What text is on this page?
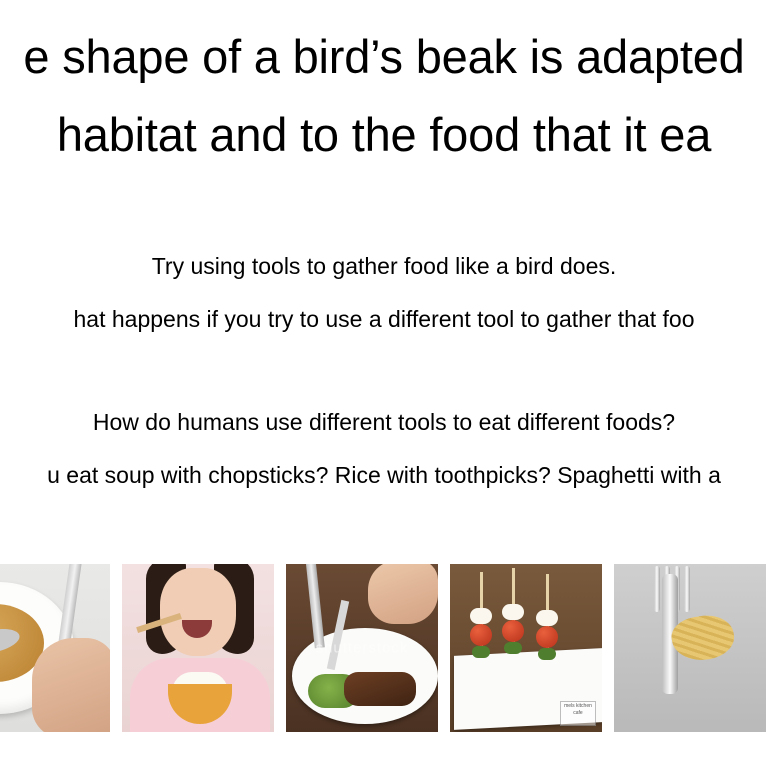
e shape of a bird’s beak is adapted
habitat and to the food that it ea
Try using tools to gather food like a bird does.
hat happens if you try to use a different tool to gather that foo
How do humans use different tools to eat different foods?
u eat soup with chopsticks? Rice with toothpicks? Spaghetti with a
shutterstock
mels kitchen cafe
